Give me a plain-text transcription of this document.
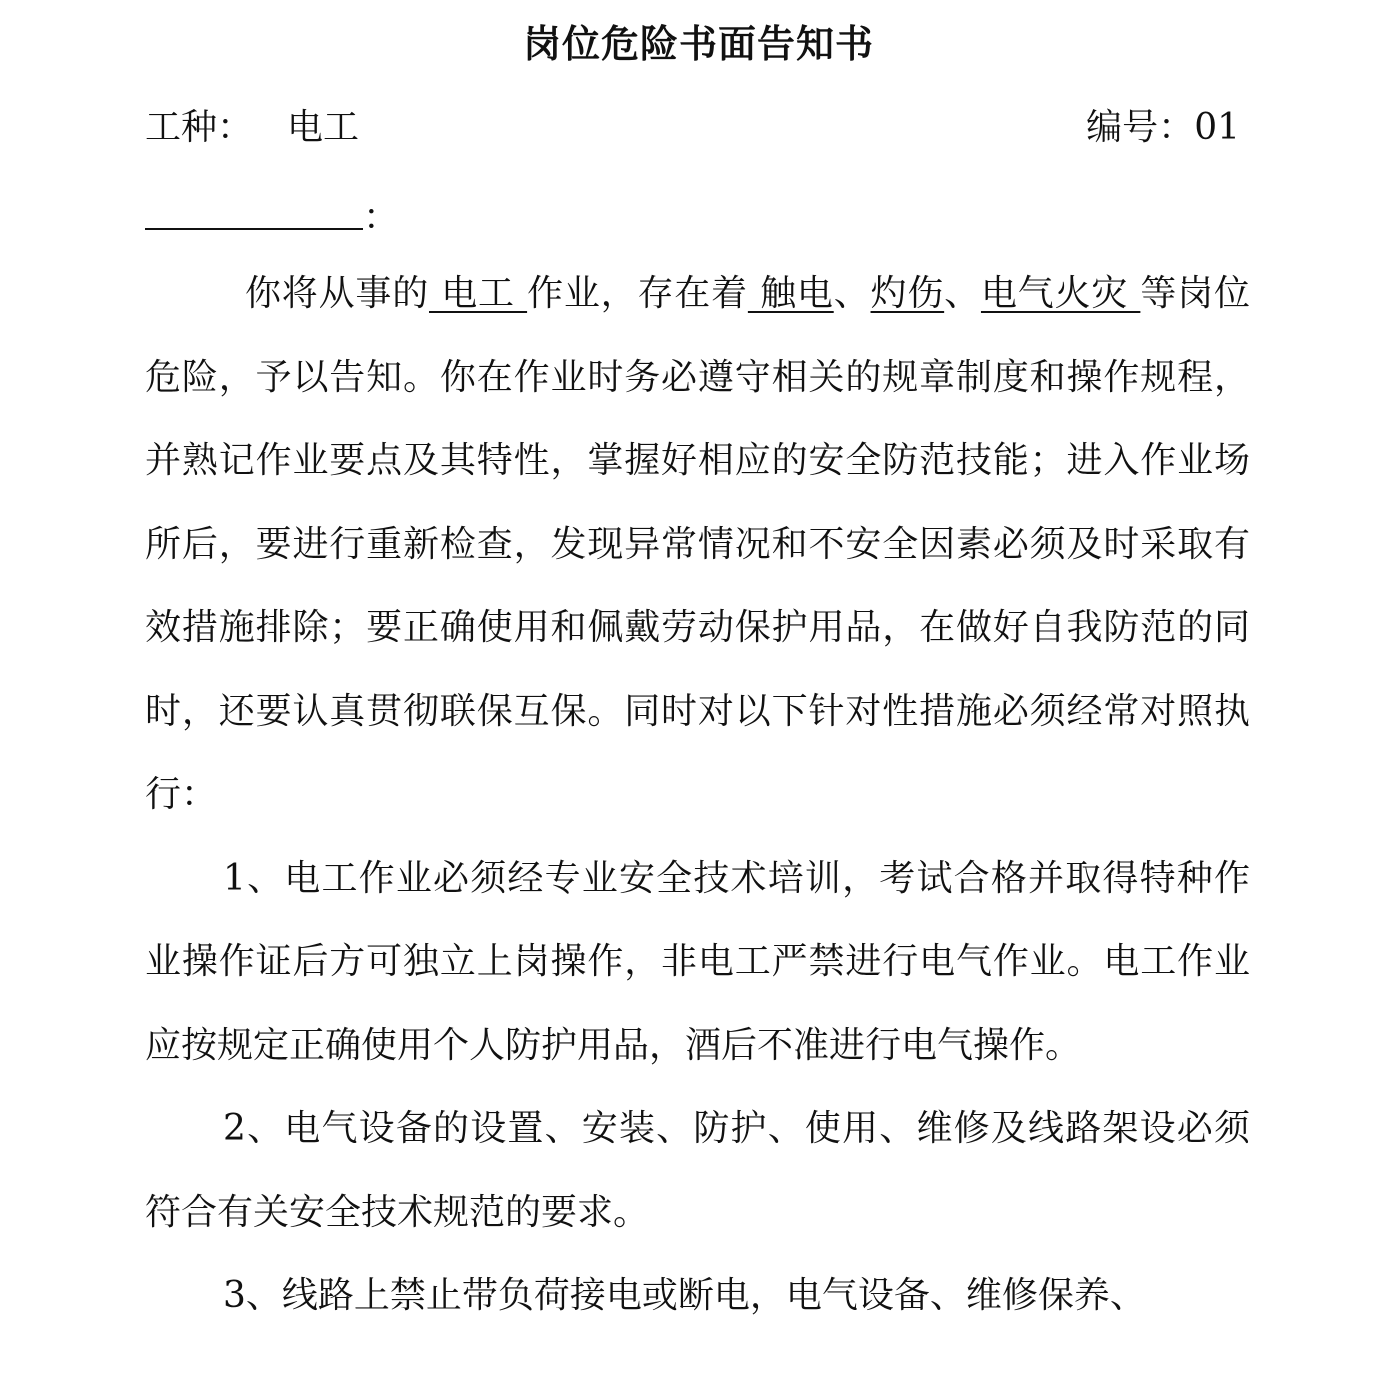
岗位危险书面告知书
工种： 电工	编号：01
：

你将从事的 电工 作业，存在着 触电、灼伤、电气火灾 等岗位危险，予以告知。你在作业时务必遵守相关的规章制度和操作规程，并熟记作业要点及其特性，掌握好相应的安全防范技能；进入作业场所后，要进行重新检查，发现异常情况和不安全因素必须及时采取有效措施排除；要正确使用和佩戴劳动保护用品，在做好自我防范的同时，还要认真贯彻联保互保。同时对以下针对性措施必须经常对照执行：

1、电工作业必须经专业安全技术培训，考试合格并取得特种作业操作证后方可独立上岗操作，非电工严禁进行电气作业。电工作业应按规定正确使用个人防护用品，酒后不准进行电气操作。

2、电气设备的设置、安装、防护、使用、维修及线路架设必须符合有关安全技术规范的要求。

3、线路上禁止带负荷接电或断电，电气设备、维修保养、
